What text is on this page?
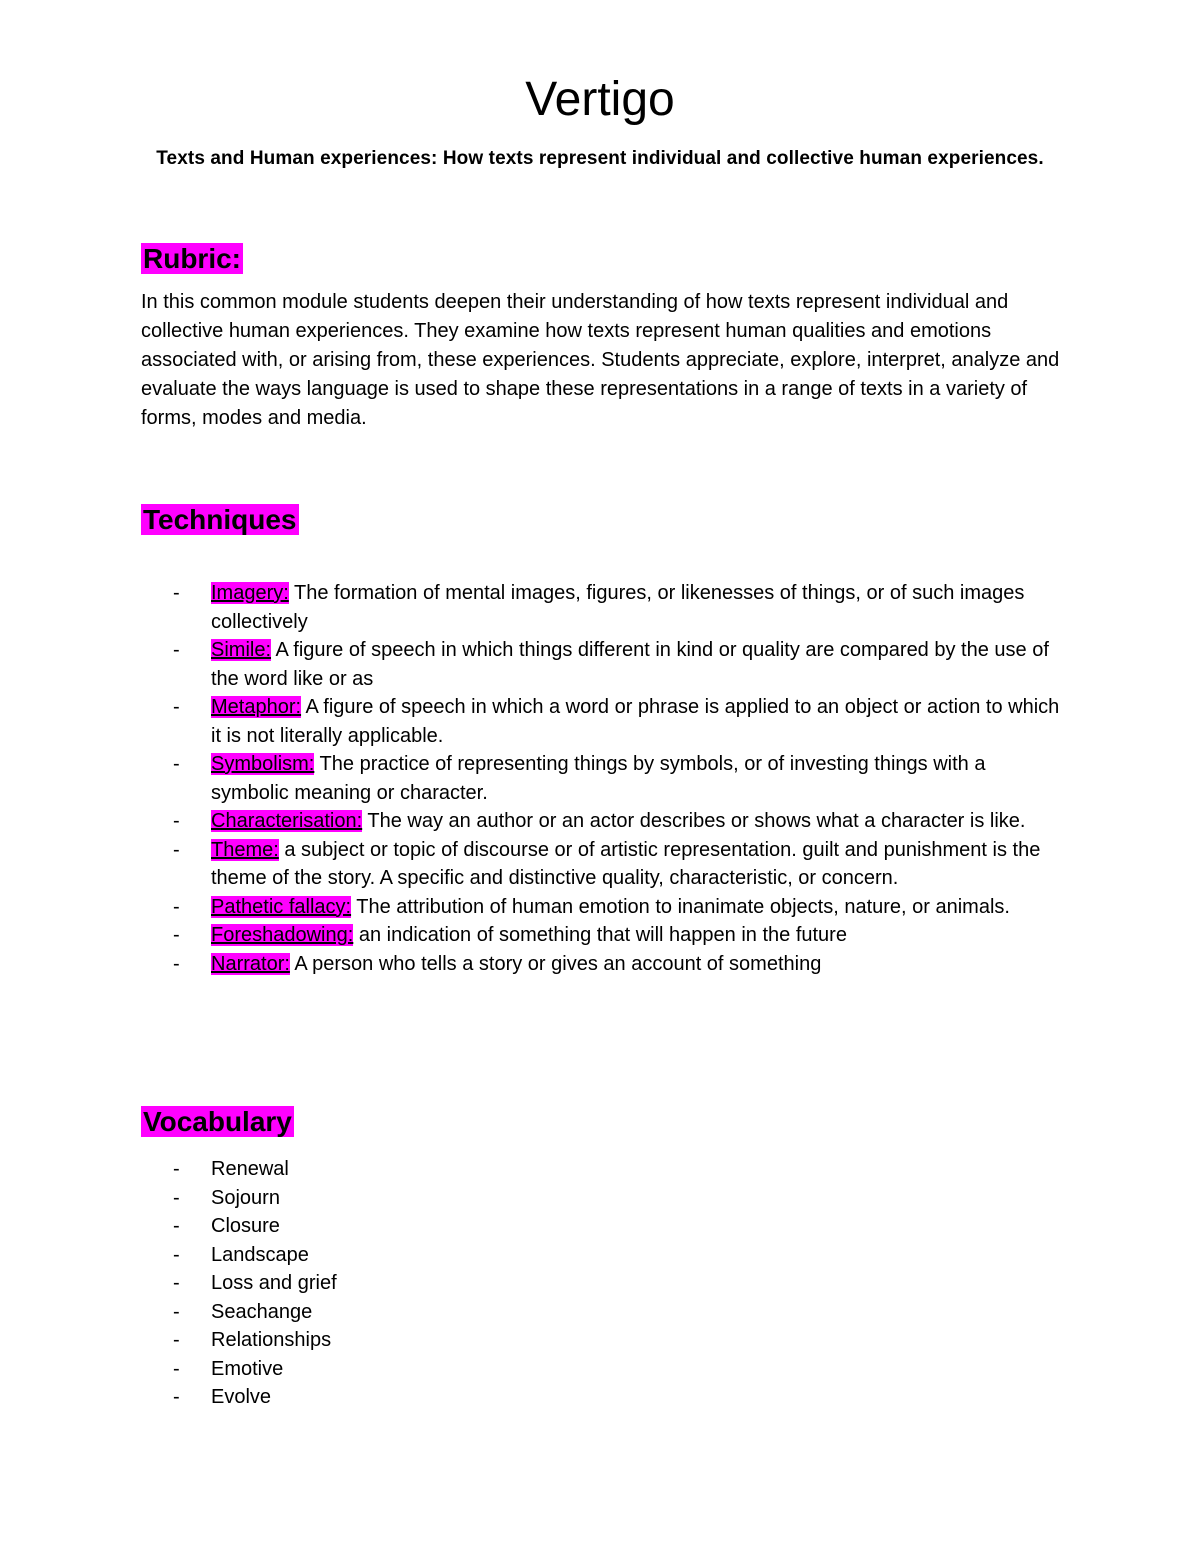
Vertigo
Texts and Human experiences: How texts represent individual and collective human experiences.
Rubric:
In this common module students deepen their understanding of how texts represent individual and collective human experiences. They examine how texts represent human qualities and emotions associated with, or arising from, these experiences. Students appreciate, explore, interpret, analyze and evaluate the ways language is used to shape these representations in a range of texts in a variety of forms, modes and media.
Techniques
- Imagery: The formation of mental images, figures, or likenesses of things, or of such images collectively
- Simile: A figure of speech in which things different in kind or quality are compared by the use of the word like or as
- Metaphor: A figure of speech in which a word or phrase is applied to an object or action to which it is not literally applicable.
- Symbolism: The practice of representing things by symbols, or of investing things with a symbolic meaning or character.
- Characterisation: The way an author or an actor describes or shows what a character is like.
- Theme: a subject or topic of discourse or of artistic representation. guilt and punishment is the theme of the story. A specific and distinctive quality, characteristic, or concern.
- Pathetic fallacy: The attribution of human emotion to inanimate objects, nature, or animals.
- Foreshadowing: an indication of something that will happen in the future
- Narrator: A person who tells a story or gives an account of something
Vocabulary
- Renewal
- Sojourn
- Closure
- Landscape
- Loss and grief
- Seachange
- Relationships
- Emotive
- Evolve
